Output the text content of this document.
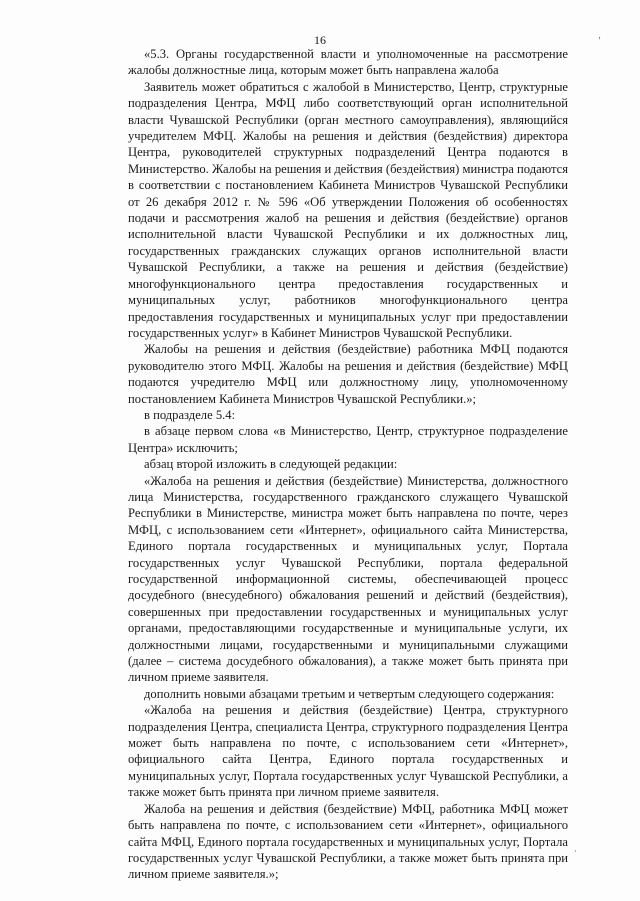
‚
16

«5.3. Органы государственной власти и уполномоченные на рассмотрение жалобы должностные лица, которым может быть направлена жалоба

Заявитель может обратиться с жалобой в Министерство, Центр, структурные подразделения Центра, МФЦ либо соответствующий орган исполнительной власти Чувашской Республики (орган местного самоуправления), являющийся учредителем МФЦ. Жалобы на решения и действия (бездействия) директора Центра, руководителей структурных подразделений Центра подаются в Министерство. Жалобы на решения и действия (бездействия) министра подаются в соответствии с постановлением Кабинета Министров Чувашской Республики от 26 декабря 2012 г. № 596 «Об утверждении Положения об особенностях подачи и рассмотрения жалоб на решения и действия (бездействие) органов исполнительной власти Чувашской Республики и их должностных лиц, государственных гражданских служащих органов исполнительной власти Чувашской Республики, а также на решения и действия (бездействие) многофункционального центра предоставления государственных и муниципальных услуг, работников многофункционального центра предоставления государственных и муниципальных услуг при предоставлении государственных услуг» в Кабинет Министров Чувашской Республики.

Жалобы на решения и действия (бездействие) работника МФЦ подаются руководителю этого МФЦ. Жалобы на решения и действия (бездействие) МФЦ подаются учредителю МФЦ или должностному лицу, уполномоченному постановлением Кабинета Министров Чувашской Республики.»;

в подразделе 5.4:

в абзаце первом слова «в Министерство, Центр, структурное подразделение Центра» исключить;

абзац второй изложить в следующей редакции:

«Жалоба на решения и действия (бездействие) Министерства, должностного лица Министерства, государственного гражданского служащего Чувашской Республики в Министерстве, министра может быть направлена по почте, через МФЦ, с использованием сети «Интернет», официального сайта Министерства, Единого портала государственных и муниципальных услуг, Портала государственных услуг Чувашской Республики, портала федеральной государственной информационной системы, обеспечивающей процесс досудебного (внесудебного) обжалования решений и действий (бездействия), совершенных при предоставлении государственных и муниципальных услуг органами, предоставляющими государственные и муниципальные услуги, их должностными лицами, государственными и муниципальными служащими (далее – система досудебного обжалования), а также может быть принята при личном приеме заявителя.

дополнить новыми абзацами третьим и четвертым следующего содержания:

«Жалоба на решения и действия (бездействие) Центра, структурного подразделения Центра, специалиста Центра, структурного подразделения Центра может быть направлена по почте, с использованием сети «Интернет», официального сайта Центра, Единого портала государственных и муниципальных услуг, Портала государственных услуг Чувашской Республики, а также может быть принята при личном приеме заявителя.

Жалоба на решения и действия (бездействие) МФЦ, работника МФЦ может быть направлена по почте, с использованием сети «Интернет», официального сайта МФЦ, Единого портала государственных и муниципальных услуг, Портала государственных услуг Чувашской Республики, а также может быть принята при личном приеме заявителя.»;

·
